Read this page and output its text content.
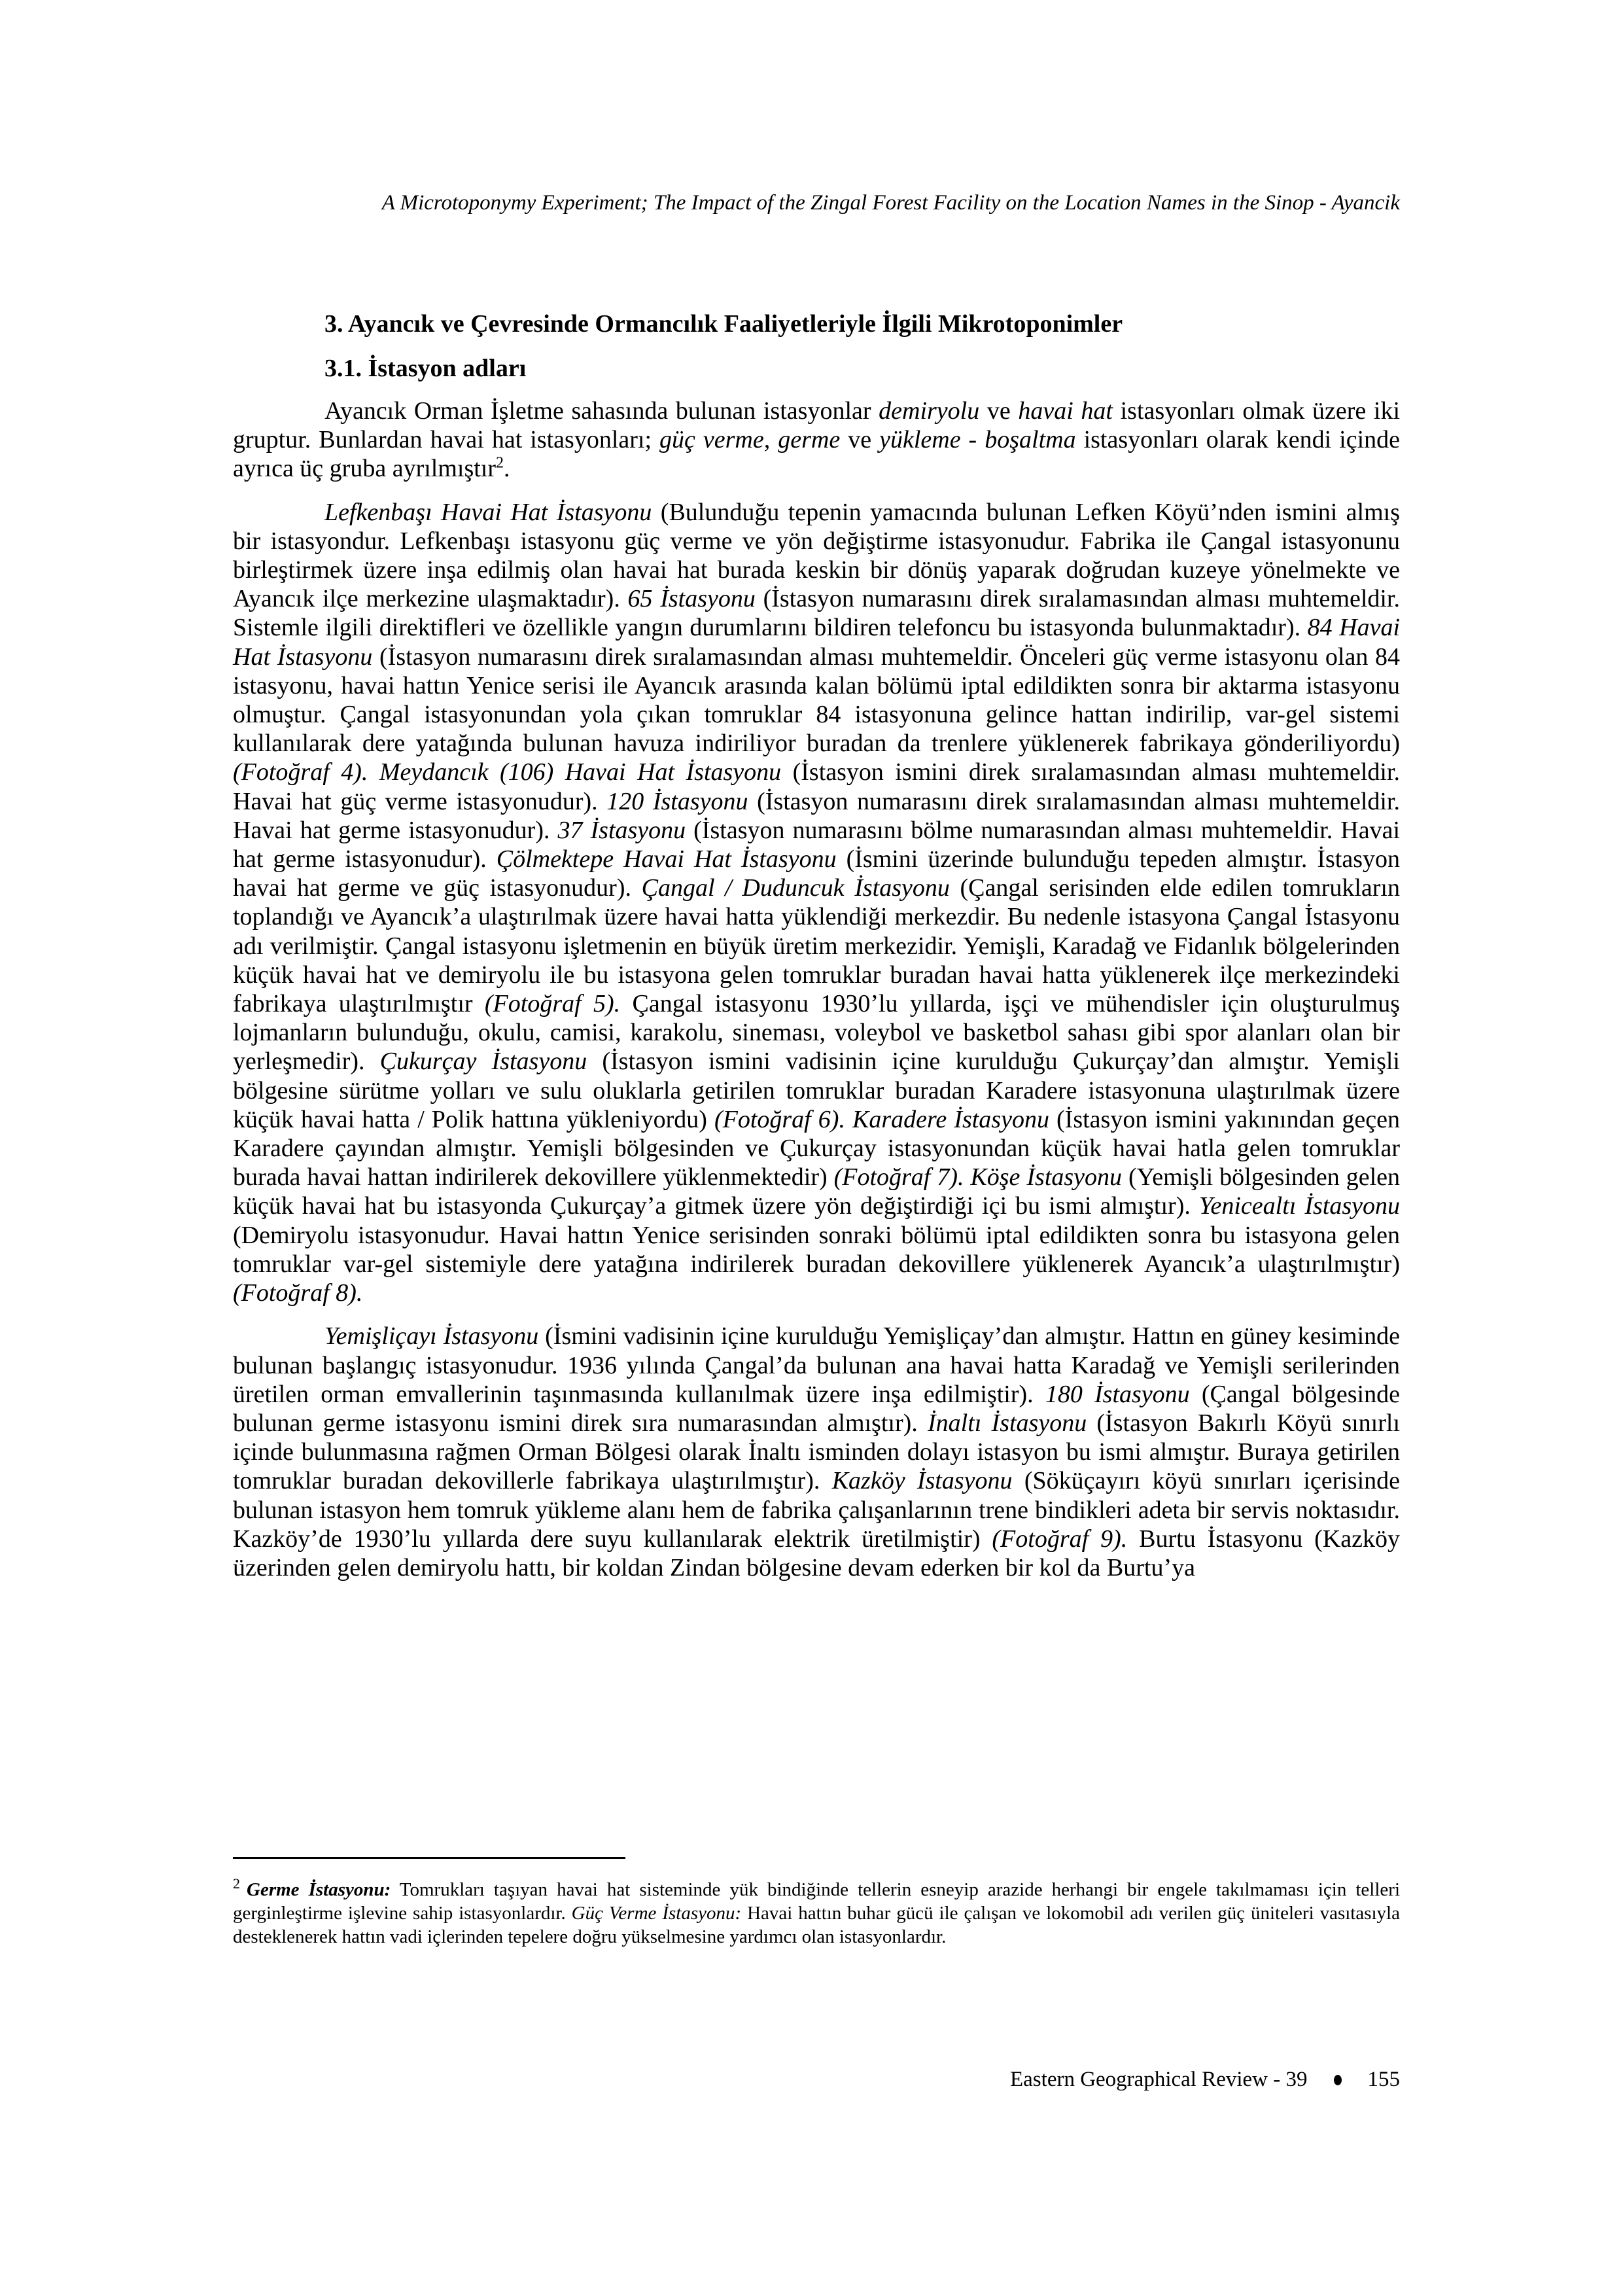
A Microtoponymy Experiment; The Impact of the Zingal Forest Facility on the Location Names in the Sinop - Ayancik
3. Ayancık ve Çevresinde Ormancılık Faaliyetleriyle İlgili Mikrotoponimler
3.1. İstasyon adları

Ayancık Orman İşletme sahasında bulunan istasyonlar demiryolu ve havai hat istasyonları olmak üzere iki gruptur. Bunlardan havai hat istasyonları; güç verme, germe ve yükleme - boşaltma istasyonları olarak kendi içinde ayrıca üç gruba ayrılmıştır$^2$.

Lefkenbaşı Havai Hat İstasyonu (Bulunduğu tepenin yamacında bulunan Lefken Köyü’nden ismini almış bir istasyondur. Lefkenbaşı istasyonu güç verme ve yön değiştirme istasyonudur. Fabrika ile Çangal istasyonunu birleştirmek üzere inşa edilmiş olan havai hat burada keskin bir dönüş yaparak doğrudan kuzeye yönelmekte ve Ayancık ilçe merkezine ulaşmaktadır). 65 İstasyonu (İstasyon numarasını direk sıralamasından alması muhtemeldir. Sistemle ilgili direktifleri ve özellikle yangın durumlarını bildiren telefoncu bu istasyonda bulunmaktadır). 84 Havai Hat İstasyonu (İstasyon numarasını direk sıralamasından alması muhtemeldir. Önceleri güç verme istasyonu olan 84 istasyonu, havai hattın Yenice serisi ile Ayancık arasında kalan bölümü iptal edildikten sonra bir aktarma istasyonu olmuştur. Çangal istasyonundan yola çıkan tomruklar 84 istasyonuna gelince hattan indirilip, var-gel sistemi kullanılarak dere yatağında bulunan havuza indiriliyor buradan da trenlere yüklenerek fabrikaya gönderiliyordu) (Fotoğraf 4). Meydancık (106) Havai Hat İstasyonu (İstasyon ismini direk sıralamasından alması muhtemeldir. Havai hat güç verme istasyonudur). 120 İstasyonu (İstasyon numarasını direk sıralamasından alması muhtemeldir. Havai hat germe istasyonudur). 37 İstasyonu (İstasyon numarasını bölme numarasından alması muhtemeldir. Havai hat germe istasyonudur). Çölmektepe Havai Hat İstasyonu (İsmini üzerinde bulunduğu tepeden almıştır. İstasyon havai hat germe ve güç istasyonudur). Çangal / Duduncuk İstasyonu (Çangal serisinden elde edilen tomrukların toplandığı ve Ayancık’a ulaştırılmak üzere havai hatta yüklendiği merkezdir. Bu nedenle istasyona Çangal İstasyonu adı verilmiştir. Çangal istasyonu işletmenin en büyük üretim merkezidir. Yemişli, Karadağ ve Fidanlık bölgelerinden küçük havai hat ve demiryolu ile bu istasyona gelen tomruklar buradan havai hatta yüklenerek ilçe merkezindeki fabrikaya ulaştırılmıştır (Fotoğraf 5). Çangal istasyonu 1930’lu yıllarda, işçi ve mühendisler için oluşturulmuş lojmanların bulunduğu, okulu, camisi, karakolu, sineması, voleybol ve basketbol sahası gibi spor alanları olan bir yerleşmedir). Çukurçay İstasyonu (İstasyon ismini vadisinin içine kurulduğu Çukurçay’dan almıştır. Yemişli bölgesine sürütme yolları ve sulu oluklarla getirilen tomruklar buradan Karadere istasyonuna ulaştırılmak üzere küçük havai hatta / Polik hattına yükleniyordu) (Fotoğraf 6). Karadere İstasyonu (İstasyon ismini yakınından geçen Karadere çayından almıştır. Yemişli bölgesinden ve Çukurçay istasyonundan küçük havai hatla gelen tomruklar burada havai hattan indirilerek dekovillere yüklenmektedir) (Fotoğraf 7). Köşe İstasyonu (Yemişli bölgesinden gelen küçük havai hat bu istasyonda Çukurçay’a gitmek üzere yön değiştirdiği içi bu ismi almıştır). Yenicealtı İstasyonu (Demiryolu istasyonudur. Havai hattın Yenice serisinden sonraki bölümü iptal edildikten sonra bu istasyona gelen tomruklar var-gel sistemiyle dere yatağına indirilerek buradan dekovillere yüklenerek Ayancık’a ulaştırılmıştır) (Fotoğraf 8).

Yemişliçayı İstasyonu (İsmini vadisinin içine kurulduğu Yemişliçay’dan almıştır. Hattın en güney kesiminde bulunan başlangıç istasyonudur. 1936 yılında Çangal’da bulunan ana havai hatta Karadağ ve Yemişli serilerinden üretilen orman emvallerinin taşınmasında kullanılmak üzere inşa edilmiştir). 180 İstasyonu (Çangal bölgesinde bulunan germe istasyonu ismini direk sıra numarasından almıştır). İnaltı İstasyonu (İstasyon Bakırlı Köyü sınırlı içinde bulunmasına rağmen Orman Bölgesi olarak İnaltı isminden dolayı istasyon bu ismi almıştır. Buraya getirilen tomruklar buradan dekovillerle fabrikaya ulaştırılmıştır). Kazköy İstasyonu (Söküçayırı köyü sınırları içerisinde bulunan istasyon hem tomruk yükleme alanı hem de fabrika çalışanlarının trene bindikleri adeta bir servis noktasıdır. Kazköy’de 1930’lu yıllarda dere suyu kullanılarak elektrik üretilmiştir) (Fotoğraf 9). Burtu İstasyonu (Kazköy üzerinden gelen demiryolu hattı, bir koldan Zindan bölgesine devam ederken bir kol da Burtu’ya

$^2$ Germe İstasyonu: Tomrukları taşıyan havai hat sisteminde yük bindiğinde tellerin esneyip arazide herhangi bir engele takılmaması için telleri gerginleştirme işlevine sahip istasyonlardır. Güç Verme İstasyonu: Havai hattın buhar gücü ile çalışan ve lokomobil adı verilen güç üniteleri vasıtasıyla desteklenerek hattın vadi içlerinden tepelere doğru yükselmesine yardımcı olan istasyonlardır.
Eastern Geographical Review - 39	155
